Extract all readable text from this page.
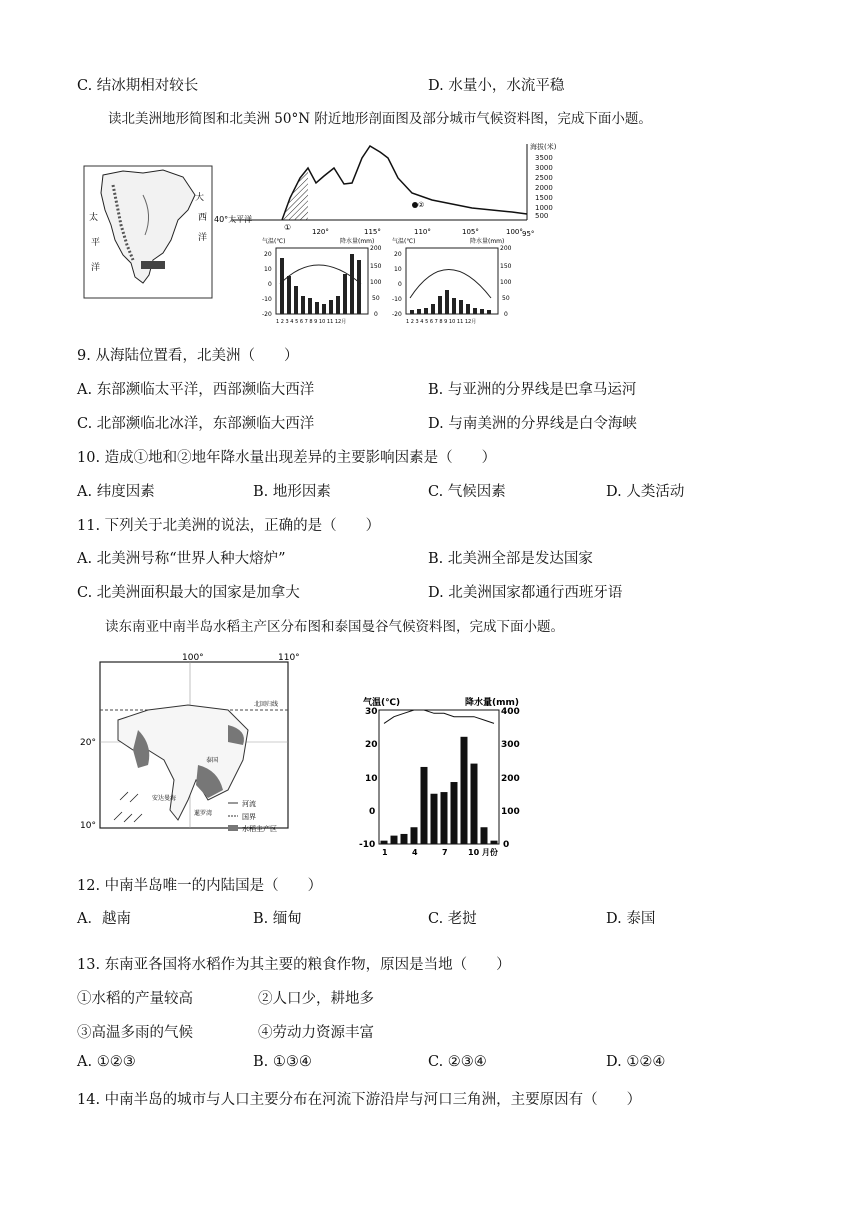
C. 结冰期相对较长	D. 水量小，水流平稳
读北美洲地形简图和北美洲 50°N 附近地形剖面图及部分城市气候资料图，完成下面小题。
大
西
洋
太
平
洋
海拔(米)
3500
3000
2500
2000
1500
1000
500
②
40°太平洋
①	120°	115°	110°	105°	100° 95°
气温(℃)	降水量(mm)
20
10
0
-10
-20
200
150
100
50
0
1 2 3 4 5 6 7 8 9 10 11 12月
气温(℃)	降水量(mm)
20
10
0
-10
-20
200
150
100
50
0
1 2 3 4 5 6 7 8 9 10 11 12月
9. 从海陆位置看，北美洲（　　）
A. 东部濒临太平洋，西部濒临大西洋	B. 与亚洲的分界线是巴拿马运河
C. 北部濒临北冰洋，东部濒临大西洋	D. 与南美洲的分界线是白令海峡
10. 造成①地和②地年降水量出现差异的主要影响因素是（　　）
A. 纬度因素	B. 地形因素	C. 气候因素	D. 人类活动
11. 下列关于北美洲的说法，正确的是（　　）
A. 北美洲号称“世界人种大熔炉”	B. 北美洲全部是发达国家
C. 北美洲面积最大的国家是加拿大	D. 北美洲国家都通行西班牙语
读东南亚中南半岛水稻主产区分布图和泰国曼谷气候资料图，完成下面小题。
100°	110°
20°
10°
北回归线
泰国
安达曼海
暹罗湾
河流
国界
水稻主产区
气温(℃)	降水量(mm)
30
20
10
0
-10
400
300
200
100
0
1	4	7	10 月份
12. 中南半岛唯一的内陆国是（　　）
A．越南	B. 缅甸	C. 老挝	D. 泰国
13. 东南亚各国将水稻作为其主要的粮食作物，原因是当地（　　）
①水稻的产量较高	②人口少，耕地多
③高温多雨的气候	④劳动力资源丰富
A. ①②③	B. ①③④	C. ②③④	D. ①②④
14. 中南半岛的城市与人口主要分布在河流下游沿岸与河口三角洲，主要原因有（　　）
